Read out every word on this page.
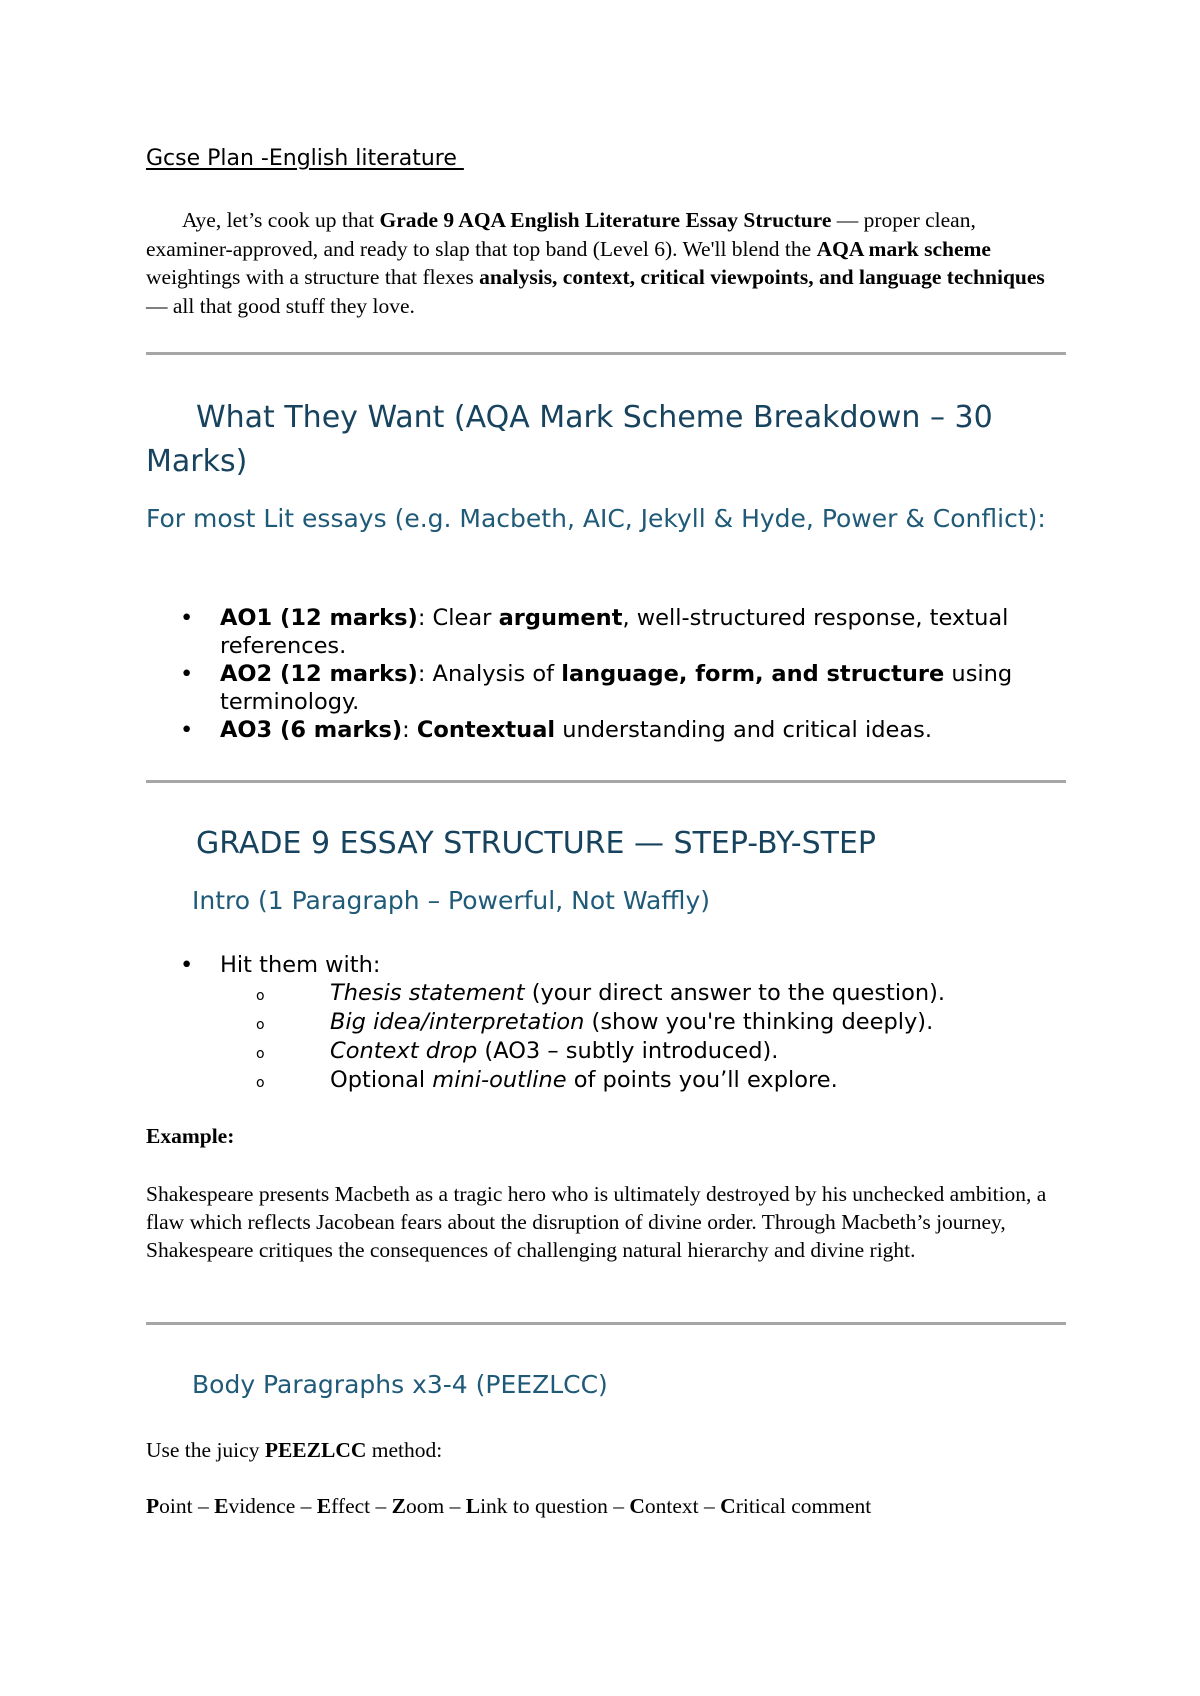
Gcse Plan -English literature

Aye, let’s cook up that Grade 9 AQA English Literature Essay Structure — proper clean, examiner-approved, and ready to slap that top band (Level 6). We'll blend the AQA mark scheme weightings with a structure that flexes analysis, context, critical viewpoints, and language techniques — all that good stuff they love.

What They Want (AQA Mark Scheme Breakdown – 30 Marks)
For most Lit essays (e.g. Macbeth, AIC, Jekyll & Hyde, Power & Conflict):
• AO1 (12 marks): Clear argument, well-structured response, textual references.
• AO2 (12 marks): Analysis of language, form, and structure using terminology.
• AO3 (6 marks): Contextual understanding and critical ideas.
GRADE 9 ESSAY STRUCTURE — STEP-BY-STEP
Intro (1 Paragraph – Powerful, Not Waffly)
• Hit them with:
o	Thesis statement (your direct answer to the question).
o	Big idea/interpretation (show you're thinking deeply).
o	Context drop (AO3 – subtly introduced).
o	Optional mini-outline of points you’ll explore.

Example:

Shakespeare presents Macbeth as a tragic hero who is ultimately destroyed by his unchecked ambition, a flaw which reflects Jacobean fears about the disruption of divine order. Through Macbeth’s journey, Shakespeare critiques the consequences of challenging natural hierarchy and divine right.

Body Paragraphs x3-4 (PEEZLCC)

Use the juicy PEEZLCC method:

Point – Evidence – Effect – Zoom – Link to question – Context – Critical comment
